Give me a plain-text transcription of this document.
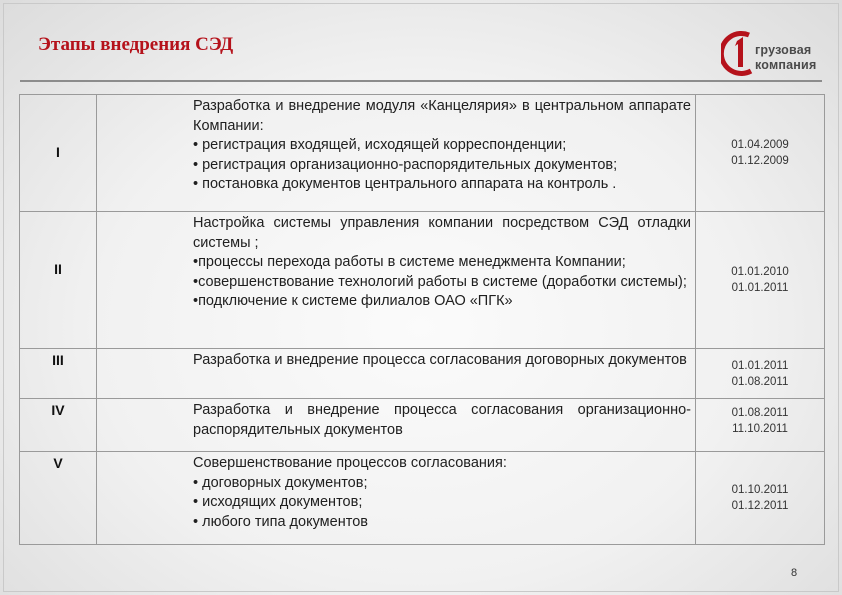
Этапы внедрения СЭД	грузовая
компания
I	Разработка и внедрение модуля «Канцелярия» в центральном аппарате Компании:
• регистрация входящей, исходящей корреспонденции;
• регистрация организационно-распорядительных документов;
• постановка документов центрального аппарата на контроль .	01.04.2009
01.12.2009

II	Настройка системы управления компании посредством СЭД отладки системы ;
•процессы перехода работы в системе менеджмента Компании;
•совершенствование технологий работы в системе (доработки системы);
•подключение к системе филиалов ОАО «ПГК»	01.01.2010
01.01.2011

III	Разработка и внедрение процесса согласования договорных документов	01.01.2011
01.08.2011

IV	Разработка и внедрение процесса согласования организационно-распорядительных документов	01.08.2011
11.10.2011

V	Совершенствование процессов согласования:
• договорных документов;
• исходящих документов;
• любого типа документов	01.10.2011
01.12.2011
8
